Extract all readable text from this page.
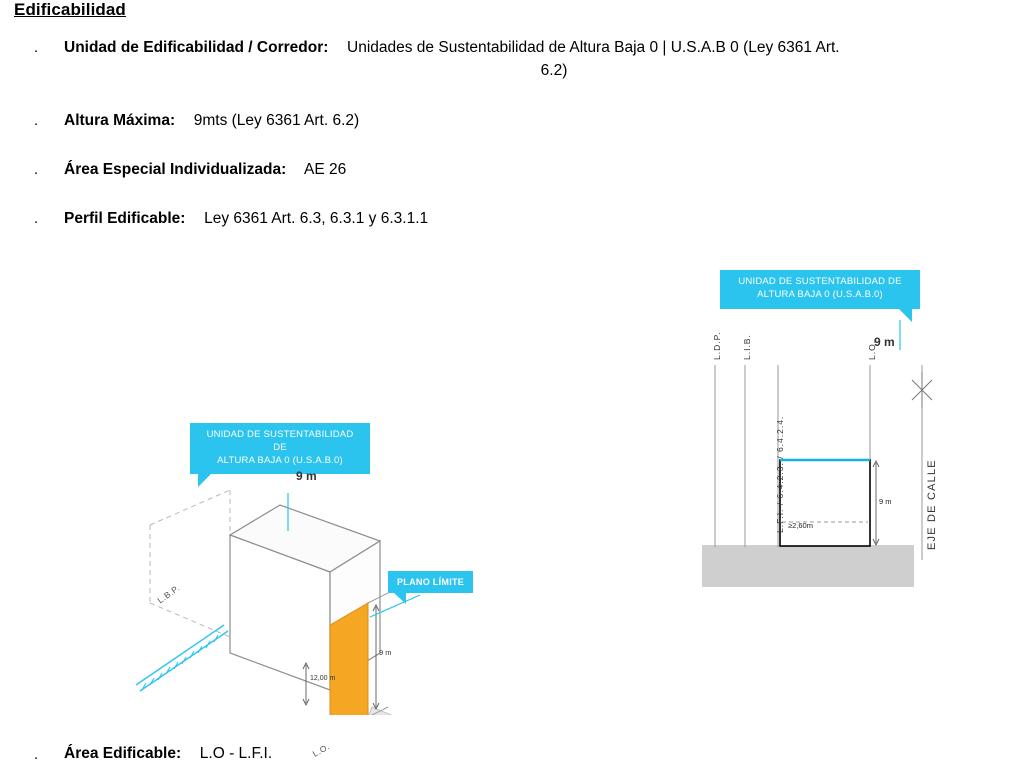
Edificabilidad
. Unidad de Edificabilidad / Corredor: Unidades de Sustentabilidad de Altura Baja 0 | U.S.A.B 0 (Ley 6361 Art.
6.2)
. Altura Máxima: 9mts (Ley 6361 Art. 6.2)
. Área Especial Individualizada: AE 26
. Perfil Edificable: Ley 6361 Art. 6.3, 6.3.1 y 6.3.1.1
UNIDAD DE SUSTENTABILIDAD DE
ALTURA BAJA 0 (U.S.A.B.0)
9 m
PLANO LÍMITE
L.B.P.
L.O.
9 m
12,00 m
UNIDAD DE SUSTENTABILIDAD DE
ALTURA BAJA 0 (U.S.A.B.0)
9 m
L.D.P. L.I.B.
L.F.I. / 6.4.2.3. / 6.4.2.4.
L.O.
EJE DE CALLE
9 m
≥2,60m
. Área Edificable: L.O - L.F.I.
